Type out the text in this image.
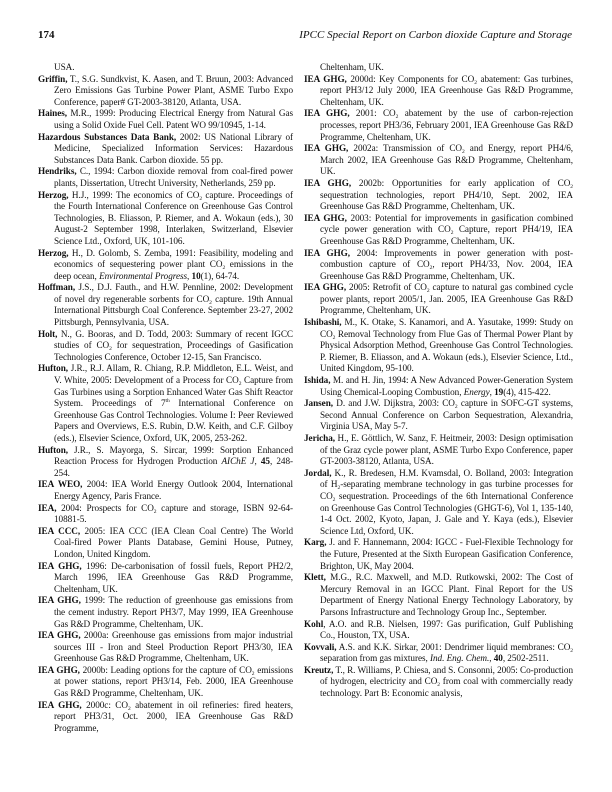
174	IPCC Special Report on Carbon dioxide Capture and Storage
USA.
Griffin, T., S.G. Sundkvist, K. Aasen, and T. Bruun, 2003: Advanced Zero Emissions Gas Turbine Power Plant, ASME Turbo Expo Conference, paper# GT-2003-38120, Atlanta, USA.
Haines, M.R., 1999: Producing Electrical Energy from Natural Gas using a Solid Oxide Fuel Cell. Patent WO 99/10945, 1-14.
Hazardous Substances Data Bank, 2002: US National Library of Medicine, Specialized Information Services: Hazardous Substances Data Bank. Carbon dioxide. 55 pp.
Hendriks, C., 1994: Carbon dioxide removal from coal-fired power plants, Dissertation, Utrecht University, Netherlands, 259 pp.
Herzog, H.J., 1999: The economics of $CO_2$ capture. Proceedings of the Fourth International Conference on Greenhouse Gas Control Technologies, B. Eliasson, P. Riemer, and A. Wokaun (eds.), 30 August-2 September 1998, Interlaken, Switzerland, Elsevier Science Ltd., Oxford, UK, 101-106.
Herzog, H., D. Golomb, S. Zemba, 1991: Feasibility, modeling and economics of sequestering power plant $CO_2$ emissions in the deep ocean, Environmental Progress, 10(1), 64-74.
Hoffman, J.S., D.J. Fauth., and H.W. Pennline, 2002: Development of novel dry regenerable sorbents for $CO_2$ capture. 19th Annual International Pittsburgh Coal Conference. September 23-27, 2002 Pittsburgh, Pennsylvania, USA.
Holt, N., G. Booras, and D. Todd, 2003: Summary of recent IGCC studies of $CO_2$ for sequestration, Proceedings of Gasification Technologies Conference, October 12-15, San Francisco.
Hufton, J.R., R.J. Allam, R. Chiang, R.P. Middleton, E.L. Weist, and V. White, 2005: Development of a Process for $CO_2$ Capture from Gas Turbines using a Sorption Enhanced Water Gas Shift Reactor System. Proceedings of 7th International Conference on Greenhouse Gas Control Technologies. Volume I: Peer Reviewed Papers and Overviews, E.S. Rubin, D.W. Keith, and C.F. Gilboy (eds.), Elsevier Science, Oxford, UK, 2005, 253-262.
Hufton, J.R., S. Mayorga, S. Sircar, 1999: Sorption Enhanced Reaction Process for Hydrogen Production AIChE J, 45, 248-254.
IEA WEO, 2004: IEA World Energy Outlook 2004, International Energy Agency, Paris France.
IEA, 2004: Prospects for $CO_2$ capture and storage, ISBN 92-64-10881-5.
IEA CCC, 2005: IEA CCC (IEA Clean Coal Centre) The World Coal-fired Power Plants Database, Gemini House, Putney, London, United Kingdom.
IEA GHG, 1996: De-carbonisation of fossil fuels, Report PH2/2, March 1996, IEA Greenhouse Gas R&D Programme, Cheltenham, UK.
IEA GHG, 1999: The reduction of greenhouse gas emissions from the cement industry. Report PH3/7, May 1999, IEA Greenhouse Gas R&D Programme, Cheltenham, UK.
IEA GHG, 2000a: Greenhouse gas emissions from major industrial sources III - Iron and Steel Production Report PH3/30, IEA Greenhouse Gas R&D Programme, Cheltenham, UK.
IEA GHG, 2000b: Leading options for the capture of $CO_2$ emissions at power stations, report PH3/14, Feb. 2000, IEA Greenhouse Gas R&D Programme, Cheltenham, UK.
IEA GHG, 2000c: $CO_2$ abatement in oil refineries: fired heaters, report PH3/31, Oct. 2000, IEA Greenhouse Gas R&D Programme,
Cheltenham, UK.
IEA GHG, 2000d: Key Components for $CO_2$ abatement: Gas turbines, report PH3/12 July 2000, IEA Greenhouse Gas R&D Programme, Cheltenham, UK.
IEA GHG, 2001: $CO_2$ abatement by the use of carbon-rejection processes, report PH3/36, February 2001, IEA Greenhouse Gas R&D Programme, Cheltenham, UK.
IEA GHG, 2002a: Transmission of $CO_2$ and Energy, report PH4/6, March 2002, IEA Greenhouse Gas R&D Programme, Cheltenham, UK.
IEA GHG, 2002b: Opportunities for early application of $CO_2$ sequestration technologies, report PH4/10, Sept. 2002, IEA Greenhouse Gas R&D Programme, Cheltenham, UK.
IEA GHG, 2003: Potential for improvements in gasification combined cycle power generation with $CO_2$ Capture, report PH4/19, IEA Greenhouse Gas R&D Programme, Cheltenham, UK.
IEA GHG, 2004: Improvements in power generation with post-combustion capture of $CO_2$, report PH4/33, Nov. 2004, IEA Greenhouse Gas R&D Programme, Cheltenham, UK.
IEA GHG, 2005: Retrofit of $CO_2$ capture to natural gas combined cycle power plants, report 2005/1, Jan. 2005, IEA Greenhouse Gas R&D Programme, Cheltenham, UK.
Ishibashi, M., K. Otake, S. Kanamori, and A. Yasutake, 1999: Study on $CO_2$ Removal Technology from Flue Gas of Thermal Power Plant by Physical Adsorption Method, Greenhouse Gas Control Technologies. P. Riemer, B. Eliasson, and A. Wokaun (eds.), Elsevier Science, Ltd., United Kingdom, 95-100.
Ishida, M. and H. Jin, 1994: A New Advanced Power-Generation System Using Chemical-Looping Combustion, Energy, 19(4), 415-422.
Jansen, D. and J.W. Dijkstra, 2003: $CO_2$ capture in SOFC-GT systems, Second Annual Conference on Carbon Sequestration, Alexandria, Virginia USA, May 5-7.
Jericha, H., E. Göttlich, W. Sanz, F. Heitmeir, 2003: Design optimisation of the Graz cycle power plant, ASME Turbo Expo Conference, paper GT-2003-38120, Atlanta, USA.
Jordal, K., R. Bredesen, H.M. Kvamsdal, O. Bolland, 2003: Integration of $H_2$-separating membrane technology in gas turbine processes for $CO_2$ sequestration. Proceedings of the 6th International Conference on Greenhouse Gas Control Technologies (GHGT-6), Vol 1, 135-140, 1-4 Oct. 2002, Kyoto, Japan, J. Gale and Y. Kaya (eds.), Elsevier Science Ltd, Oxford, UK.
Karg, J. and F. Hannemann, 2004: IGCC - Fuel-Flexible Technology for the Future, Presented at the Sixth European Gasification Conference, Brighton, UK, May 2004.
Klett, M.G., R.C. Maxwell, and M.D. Rutkowski, 2002: The Cost of Mercury Removal in an IGCC Plant. Final Report for the US Department of Energy National Energy Technology Laboratory, by Parsons Infrastructure and Technology Group Inc., September.
Kohl, A.O. and R.B. Nielsen, 1997: Gas purification, Gulf Publishing Co., Houston, TX, USA.
Kovvali, A.S. and K.K. Sirkar, 2001: Dendrimer liquid membranes: $CO_2$ separation from gas mixtures, Ind. Eng. Chem., 40, 2502-2511.
Kreutz, T., R. Williams, P. Chiesa, and S. Consonni, 2005: Co-production of hydrogen, electricity and $CO_2$ from coal with commercially ready technology. Part B: Economic analysis,
